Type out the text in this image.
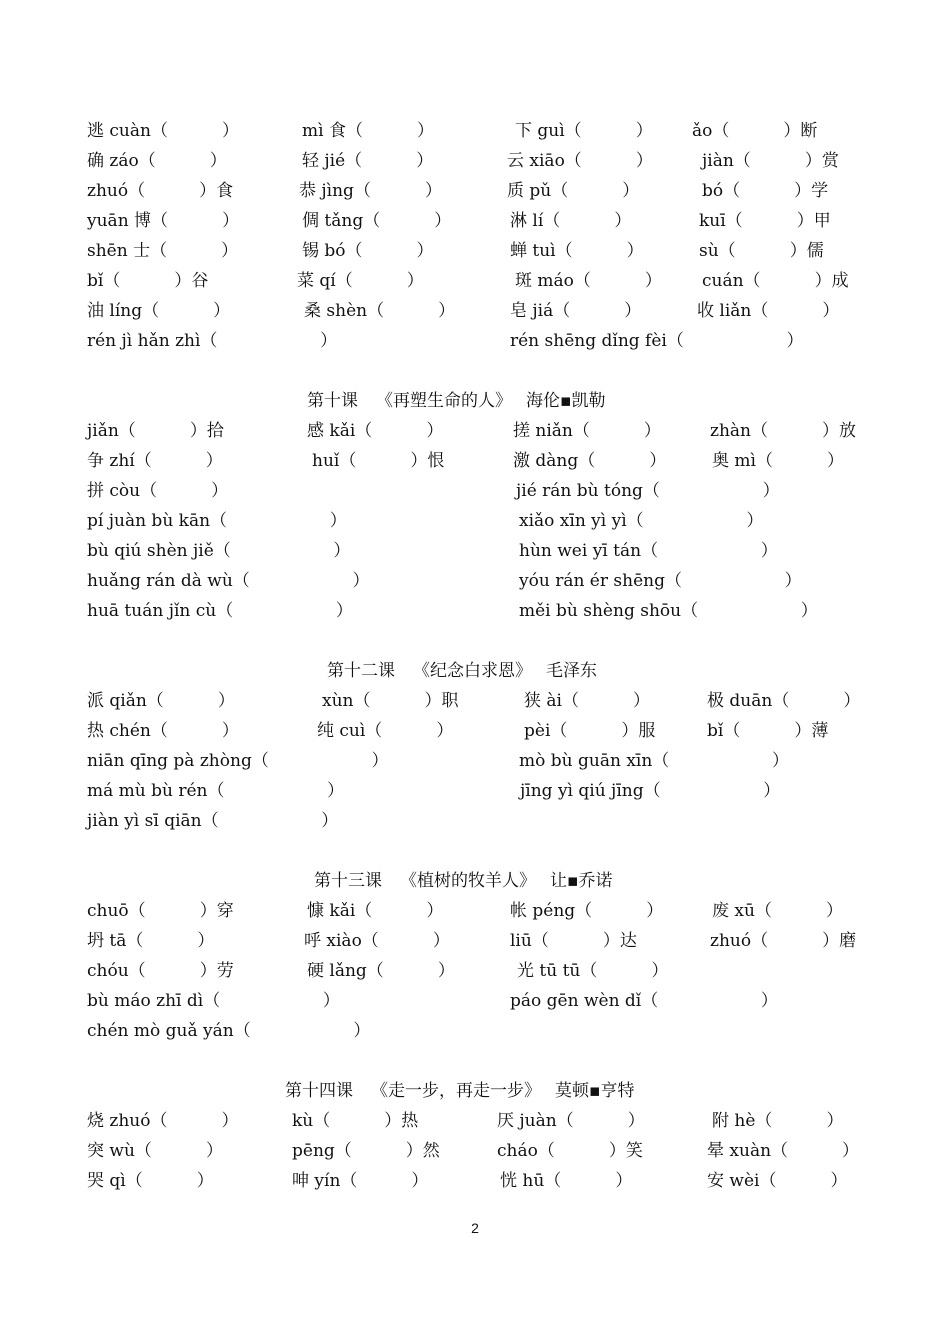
逃 cuàn（          ）	mì 食（          ）	下 guì（          ） ǎo（          ）断
确 záo（          ）	轻 jié（          ）	云 xiāo（          ）	jiàn（          ）赏
zhuó（          ）食	恭 jìng（          ）	质 pǔ（          ）	bó（          ）学
yuān 博（          ）	倜 tǎng（          ）	淋 lí（          ）	kuī（          ）甲
shēn 士（          ）	锡 bó（          ）	蝉 tuì（          ）	sù（          ）儒
bǐ（          ）谷	菜 qí（          ）	斑 máo（          ） cuán（          ）成
油 líng（          ）	桑 shèn（          ）	皂 jiá（          ）	收 liǎn（          ）
rén jì hǎn zhì（                   ）	rén shēng dǐng fèi（                   ）
jiǎn（          ）拾	感 kǎi（          ）	搓 niǎn（          ）	zhàn（          ）放
争 zhí（          ）	huǐ（          ）恨	激 dàng（          ）	奥 mì（          ）
拼 còu（          ）	jié rán bù tóng（                   ）
pí juàn bù kān（                   ）	xiǎo xīn yì yì（                   ）
bù qiú shèn jiě（                   ）	hùn wei yī tán（                   ）
huǎng rán dà wù（                   ）	yóu rán ér shēng（                   ）
huā tuán jǐn cù（                   ）	měi bù shèng shōu（                   ）
派 qiǎn（          ）	xùn（          ）职	狭 ài（          ）	极 duān（          ）
热 chén（          ）	纯 cuì（          ）	pèi（          ）服	bǐ（          ）薄
niān qīng pà zhòng（                   ）	mò bù guān xīn（                   ）
má mù bù rén（                   ）	jīng yì qiú jīng（                   ）
jiàn yì sī qiān（                   ）
chuō（          ）穿	慷 kǎi（          ）	帐 péng（          ）	废 xū（          ）
坍 tā（          ）	呼 xiào（          ）	liū（          ）达	zhuó（          ）磨
chóu（          ）劳	硬 lǎng（          ）	光 tū tū（          ）
bù máo zhī dì（                   ）	páo gēn wèn dǐ（                   ）
chén mò guǎ yán（                   ）
烧 zhuó（          ）	kù（          ）热	厌 juàn（          ）	附 hè（          ）
突 wù（          ）	pēng（          ）然	cháo（          ）笑	晕 xuàn（          ）
哭 qì（          ）	呻 yín（          ）	恍 hū（          ）	安 wèi（          ）
第十课 《再塑生命的人》 海伦▪凯勒
第十二课 《纪念白求恩》 毛泽东
第十三课 《植树的牧羊人》 让▪乔诺
第十四课 《走一步，再走一步》 莫顿▪亨特
2
